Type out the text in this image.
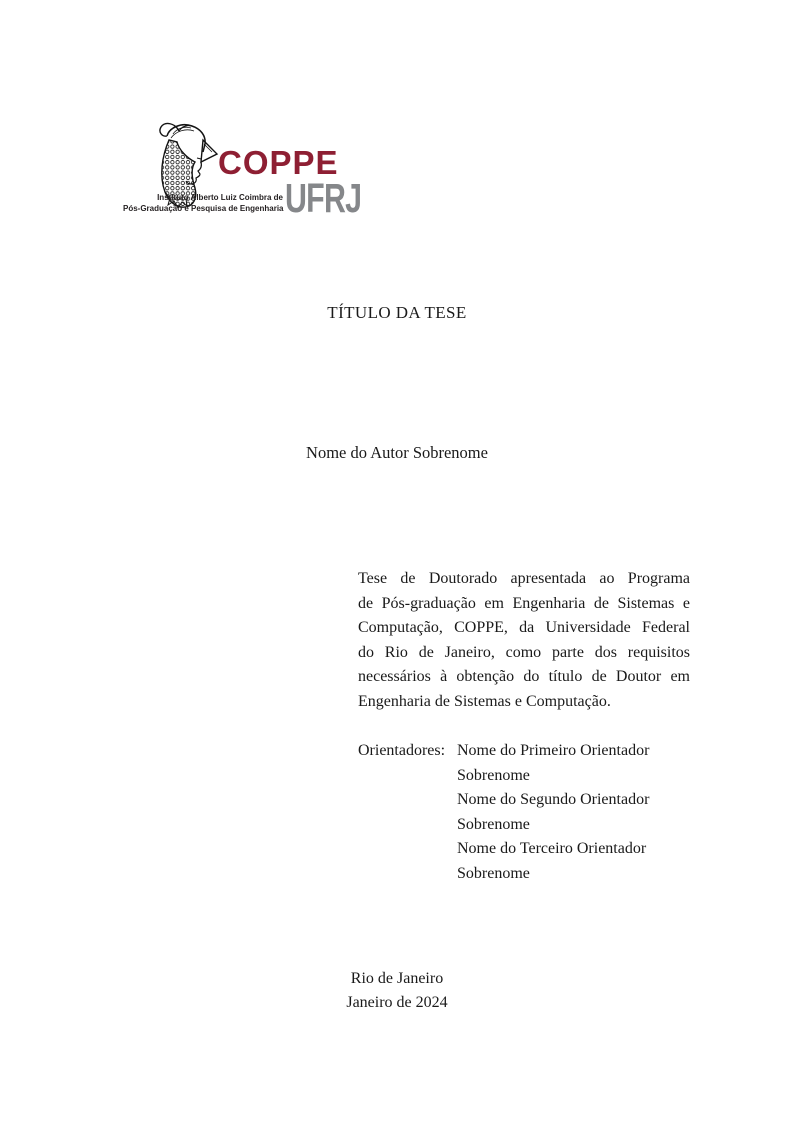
COPPE
UFRJ
Instituto Alberto Luiz Coimbra de
Pós-Graduação e Pesquisa de Engenharia
TÍTULO DA TESE
Nome do Autor Sobrenome
Tese de Doutorado apresentada ao Programa
de Pós-graduação em Engenharia de Sistemas e
Computação, COPPE, da Universidade Federal
do Rio de Janeiro, como parte dos requisitos
necessários à obtenção do título de Doutor em
Engenharia de Sistemas e Computação.
Orientadores: Nome do Primeiro Orientador
Sobrenome
Nome do Segundo Orientador
Sobrenome
Nome do Terceiro Orientador
Sobrenome
Rio de Janeiro
Janeiro de 2024
